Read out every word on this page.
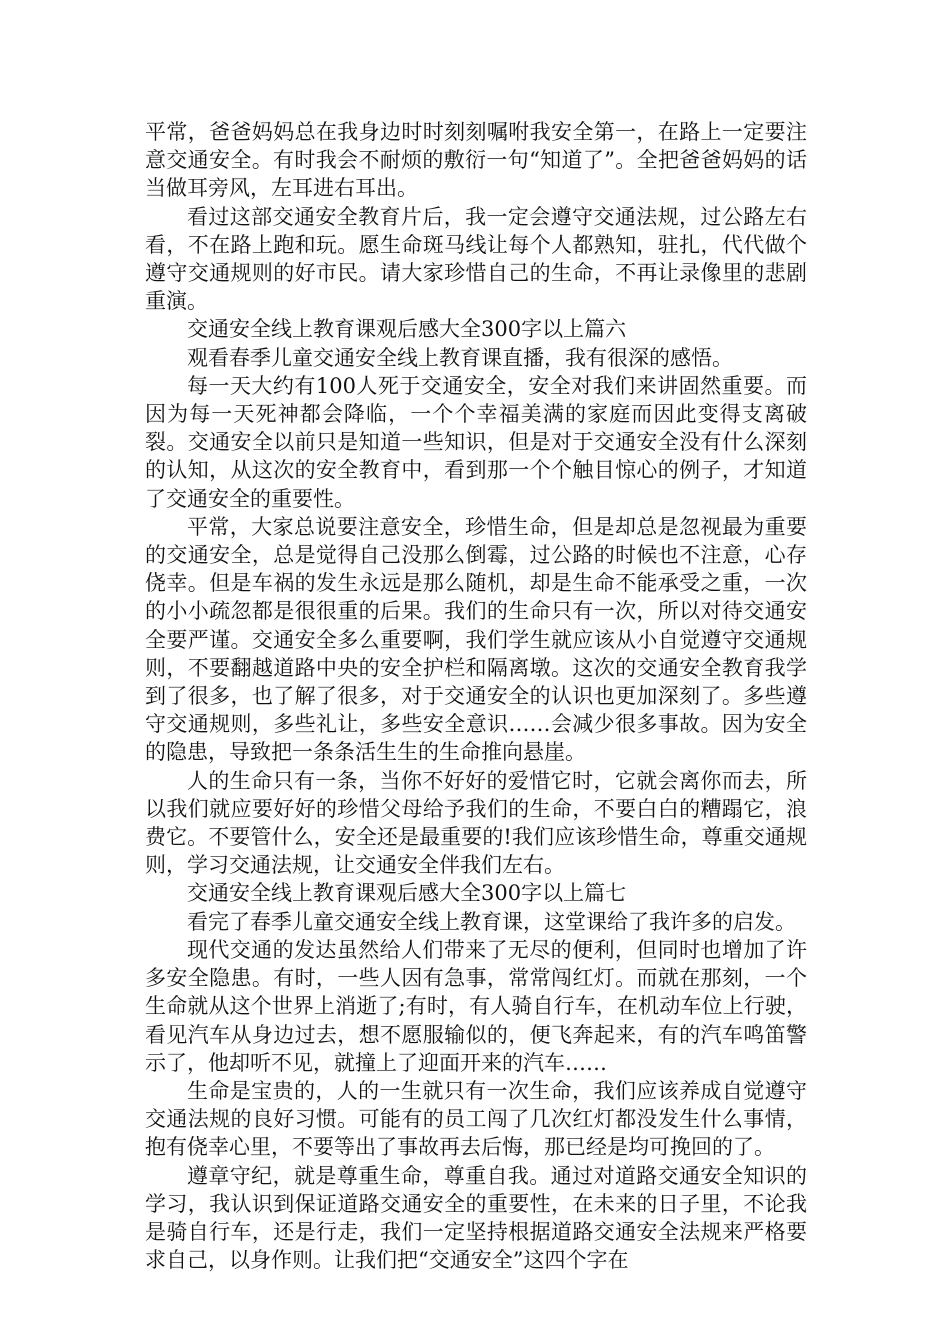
平常，爸爸妈妈总在我身边时时刻刻嘱咐我安全第一，在路上一定要注意交通安全。有时我会不耐烦的敷衍一句“知道了”。全把爸爸妈妈的话当做耳旁风，左耳进右耳出。

看过这部交通安全教育片后，我一定会遵守交通法规，过公路左右看，不在路上跑和玩。愿生命斑马线让每个人都熟知，驻扎，代代做个遵守交通规则的好市民。请大家珍惜自己的生命，不再让录像里的悲剧重演。

交通安全线上教育课观后感大全300字以上篇六

观看春季儿童交通安全线上教育课直播，我有很深的感悟。

每一天大约有100人死于交通安全，安全对我们来讲固然重要。而因为每一天死神都会降临，一个个幸福美满的家庭而因此变得支离破裂。交通安全以前只是知道一些知识，但是对于交通安全没有什么深刻的认知，从这次的安全教育中，看到那一个个触目惊心的例子，才知道了交通安全的重要性。

平常，大家总说要注意安全，珍惜生命，但是却总是忽视最为重要的交通安全，总是觉得自己没那么倒霉，过公路的时候也不注意，心存侥幸。但是车祸的发生永远是那么随机，却是生命不能承受之重，一次的小小疏忽都是很很重的后果。我们的生命只有一次，所以对待交通安全要严谨。交通安全多么重要啊，我们学生就应该从小自觉遵守交通规则，不要翻越道路中央的安全护栏和隔离墩。这次的交通安全教育我学到了很多，也了解了很多，对于交通安全的认识也更加深刻了。多些遵守交通规则，多些礼让，多些安全意识……会减少很多事故。因为安全的隐患，导致把一条条活生生的生命推向悬崖。

人的生命只有一条，当你不好好的爱惜它时，它就会离你而去，所以我们就应要好好的珍惜父母给予我们的生命，不要白白的糟蹋它，浪费它。不要管什么，安全还是最重要的!我们应该珍惜生命，尊重交通规则，学习交通法规，让交通安全伴我们左右。

交通安全线上教育课观后感大全300字以上篇七

看完了春季儿童交通安全线上教育课，这堂课给了我许多的启发。

现代交通的发达虽然给人们带来了无尽的便利，但同时也增加了许多安全隐患。有时，一些人因有急事，常常闯红灯。而就在那刻，一个生命就从这个世界上消逝了;有时，有人骑自行车，在机动车位上行驶，看见汽车从身边过去，想不愿服输似的，便飞奔起来，有的汽车鸣笛警示了，他却听不见，就撞上了迎面开来的汽车……

生命是宝贵的，人的一生就只有一次生命，我们应该养成自觉遵守交通法规的良好习惯。可能有的员工闯了几次红灯都没发生什么事情，抱有侥幸心里，不要等出了事故再去后悔，那已经是均可挽回的了。

遵章守纪，就是尊重生命，尊重自我。通过对道路交通安全知识的学习，我认识到保证道路交通安全的重要性，在未来的日子里，不论我是骑自行车，还是行走，我们一定坚持根据道路交通安全法规来严格要求自己，以身作则。让我们把“交通安全”这四个字在
